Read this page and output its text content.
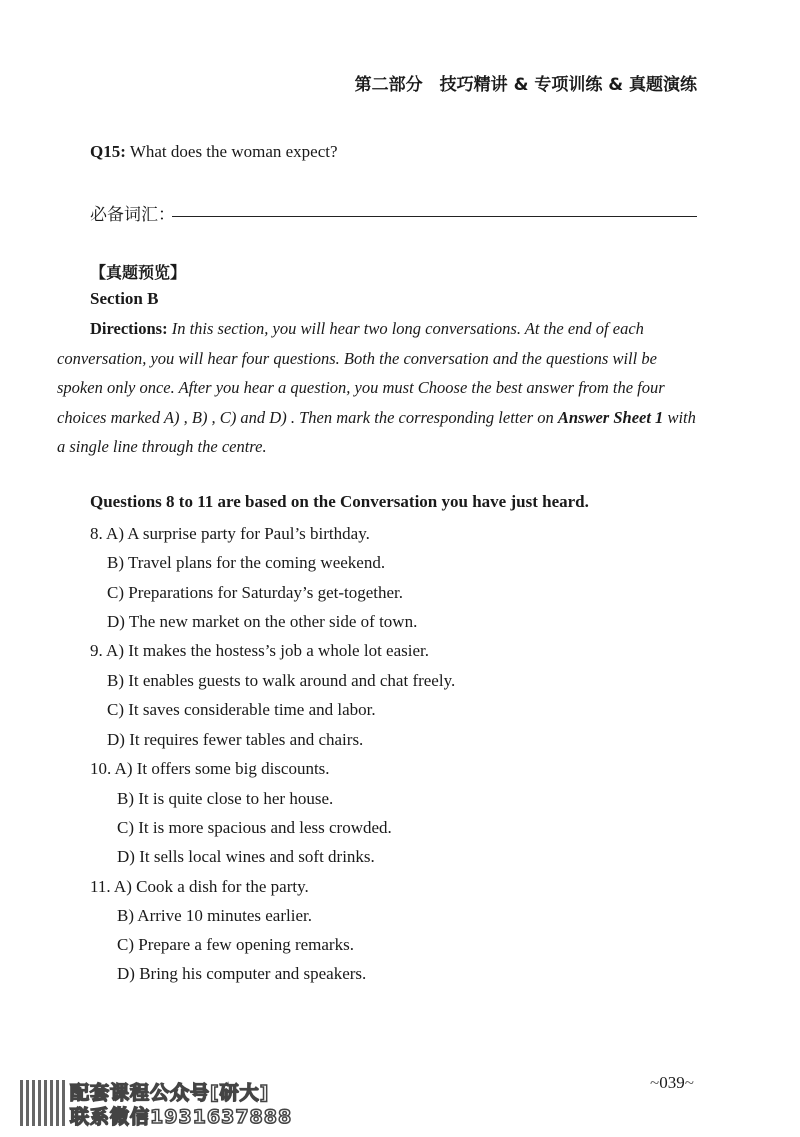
第二部分　技巧精讲 & 专项训练 & 真题演练
Q15: What does the woman expect?
必备词汇：
【真题预览】
Section B
Directions: In this section, you will hear two long conversations. At the end of each conversation, you will hear four questions. Both the conversation and the questions will be spoken only once. After you hear a question, you must Choose the best answer from the four choices marked A) , B) , C) and D) . Then mark the corresponding letter on Answer Sheet 1 with a single line through the centre.
Questions 8 to 11 are based on the Conversation you have just heard.
8. A) A surprise party for Paul’s birthday.
B) Travel plans for the coming weekend.
C) Preparations for Saturday’s get-together.
D) The new market on the other side of town.
9. A) It makes the hostess’s job a whole lot easier.
B) It enables guests to walk around and chat freely.
C) It saves considerable time and labor.
D) It requires fewer tables and chairs.
10. A) It offers some big discounts.
B) It is quite close to her house.
C) It is more spacious and less crowded.
D) It sells local wines and soft drinks.
11. A) Cook a dish for the party.
B) Arrive 10 minutes earlier.
C) Prepare a few opening remarks.
D) Bring his computer and speakers.
配套课程公众号[研大]
联系微信1931637888
~039~
